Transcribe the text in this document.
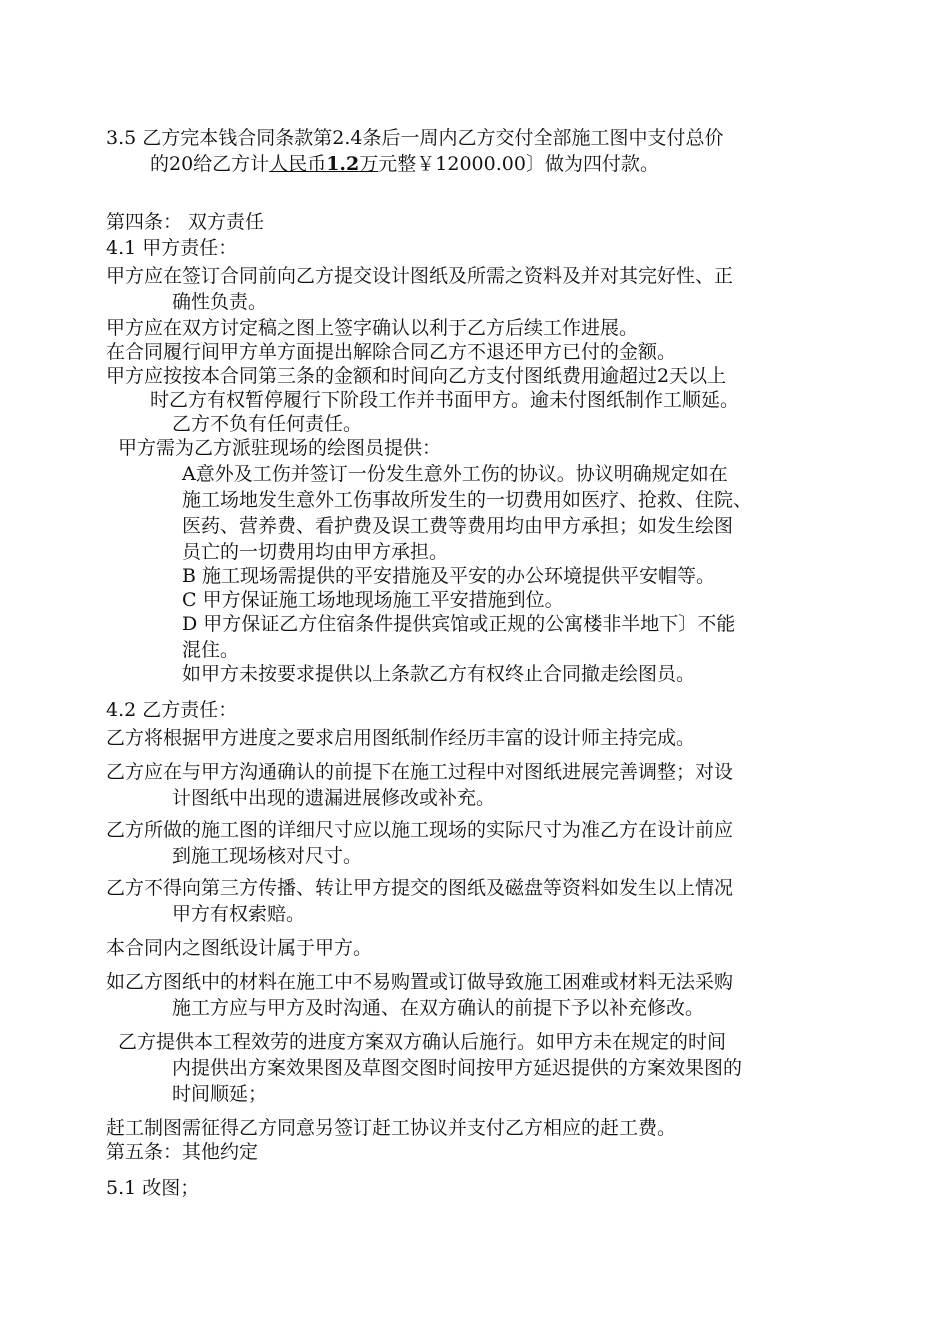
3.5 乙方完本钱合同条款第2.4条后一周内乙方交付全部施工图中支付总价
的20给乙方计人民币1.2万元整￥12000.00〕做为四付款。
第四条： 双方责任
4.1 甲方责任：
甲方应在签订合同前向乙方提交设计图纸及所需之资料及并对其完好性、正
确性负责。
甲方应在双方讨定稿之图上签字确认以利于乙方后续工作进展。
在合同履行间甲方单方面提出解除合同乙方不退还甲方已付的金额。
甲方应按按本合同第三条的金额和时间向乙方支付图纸费用逾超过2天以上
时乙方有权暂停履行下阶段工作并书面甲方。逾未付图纸制作工顺延。
乙方不负有任何责任。
甲方需为乙方派驻现场的绘图员提供：
A意外及工伤并签订一份发生意外工伤的协议。协议明确规定如在
施工场地发生意外工伤事故所发生的一切费用如医疗、抢救、住院、
医药、营养费、看护费及误工费等费用均由甲方承担；如发生绘图
员亡的一切费用均由甲方承担。
B 施工现场需提供的平安措施及平安的办公环境提供平安帽等。
C 甲方保证施工场地现场施工平安措施到位。
D 甲方保证乙方住宿条件提供宾馆或正规的公寓楼非半地下〕不能
混住。
如甲方未按要求提供以上条款乙方有权终止合同撤走绘图员。
4.2 乙方责任：
乙方将根据甲方进度之要求启用图纸制作经历丰富的设计师主持完成。
乙方应在与甲方沟通确认的前提下在施工过程中对图纸进展完善调整；对设
计图纸中出现的遗漏进展修改或补充。
乙方所做的施工图的详细尺寸应以施工现场的实际尺寸为准乙方在设计前应
到施工现场核对尺寸。
乙方不得向第三方传播、转让甲方提交的图纸及磁盘等资料如发生以上情况
甲方有权索赔。
本合同内之图纸设计属于甲方。
如乙方图纸中的材料在施工中不易购置或订做导致施工困难或材料无法采购
施工方应与甲方及时沟通、在双方确认的前提下予以补充修改。
乙方提供本工程效劳的进度方案双方确认后施行。如甲方未在规定的时间
内提供出方案效果图及草图交图时间按甲方延迟提供的方案效果图的
时间顺延；
赶工制图需征得乙方同意另签订赶工协议并支付乙方相应的赶工费。
第五条：其他约定
5.1 改图；
